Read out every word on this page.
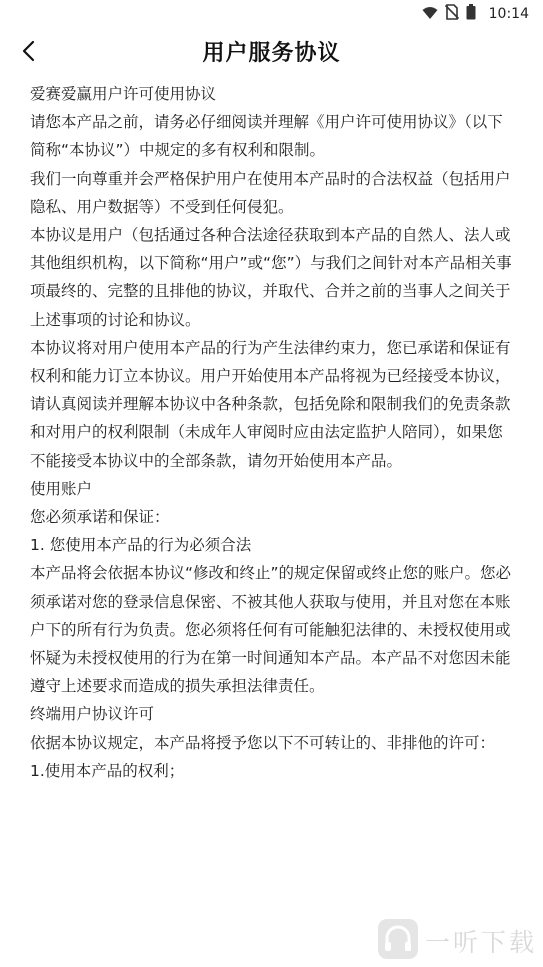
10:14
用户服务协议

爱赛爱赢用户许可使用协议

请您本产品之前，请务必仔细阅读并理解《用户许可使用协议》（以下简称“本协议”）中规定的多有权利和限制。

我们一向尊重并会严格保护用户在使用本产品时的合法权益（包括用户隐私、用户数据等）不受到任何侵犯。

本协议是用户（包括通过各种合法途径获取到本产品的自然人、法人或其他组织机构，以下简称“用户”或“您”）与我们之间针对本产品相关事项最终的、完整的且排他的协议，并取代、合并之前的当事人之间关于上述事项的讨论和协议。

本协议将对用户使用本产品的行为产生法律约束力，您已承诺和保证有权利和能力订立本协议。用户开始使用本产品将视为已经接受本协议，请认真阅读并理解本协议中各种条款，包括免除和限制我们的免责条款和对用户的权利限制（未成年人审阅时应由法定监护人陪同），如果您不能接受本协议中的全部条款，请勿开始使用本产品。

使用账户

您必须承诺和保证：

1. 您使用本产品的行为必须合法

本产品将会依据本协议“修改和终止”的规定保留或终止您的账户。您必须承诺对您的登录信息保密、不被其他人获取与使用，并且对您在本账户下的所有行为负责。您必须将任何有可能触犯法律的、未授权使用或怀疑为未授权使用的行为在第一时间通知本产品。本产品不对您因未能遵守上述要求而造成的损失承担法律责任。

终端用户协议许可

依据本协议规定，本产品将授予您以下不可转让的、非排他的许可：

1.使用本产品的权利；

一听下载
